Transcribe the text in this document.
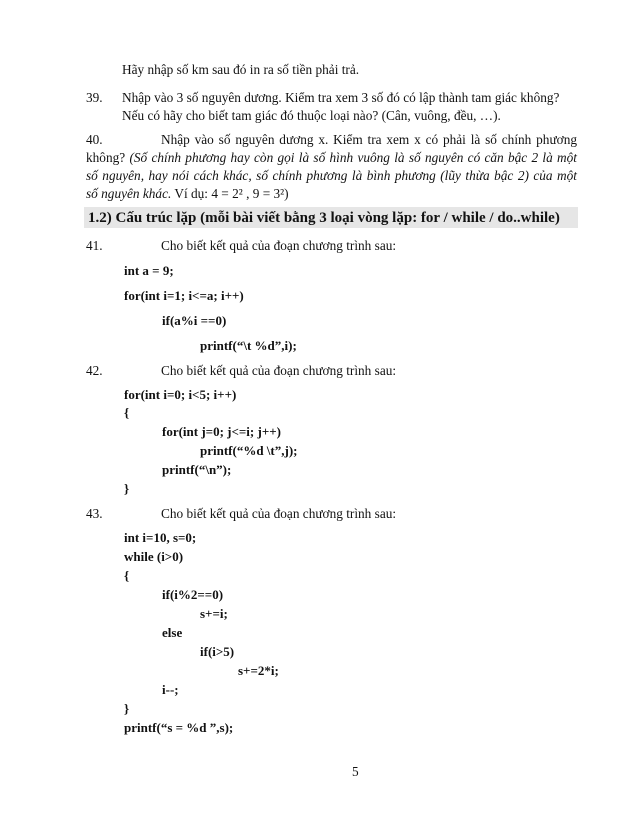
Hãy nhập số km sau đó in ra số tiền phải trả.
39. Nhập vào 3 số nguyên dương. Kiểm tra xem 3 số đó có lập thành tam giác không?
Nếu có hãy cho biết tam giác đó thuộc loại nào? (Cân, vuông, đều, …).
40.	Nhập vào số nguyên dương x. Kiểm tra xem x có phải là số chính phương
không? (Số chính phương hay còn gọi là số hình vuông là số nguyên có căn bậc 2 là một
số nguyên, hay nói cách khác, số chính phương là bình phương (lũy thừa bậc 2) của một
số nguyên khác. Ví dụ: 4 = 2² , 9 = 3²)
1.2) Cấu trúc lặp (mỗi bài viết bằng 3 loại vòng lặp: for / while / do..while)
41.	Cho biết kết quả của đoạn chương trình sau:
int a = 9;
for(int i=1; i<=a; i++)
if(a%i ==0)
printf(“\t %d”,i);
42.	Cho biết kết quả của đoạn chương trình sau:
for(int i=0; i<5; i++)
{
for(int j=0; j<=i; j++)
printf(“%d \t”,j);
printf(“\n”);
}
43.	Cho biết kết quả của đoạn chương trình sau:
int i=10, s=0;
while (i>0)
{
if(i%2==0)
s+=i;
else
if(i>5)
s+=2*i;
i--;
}
printf(“s = %d ”,s);
5
